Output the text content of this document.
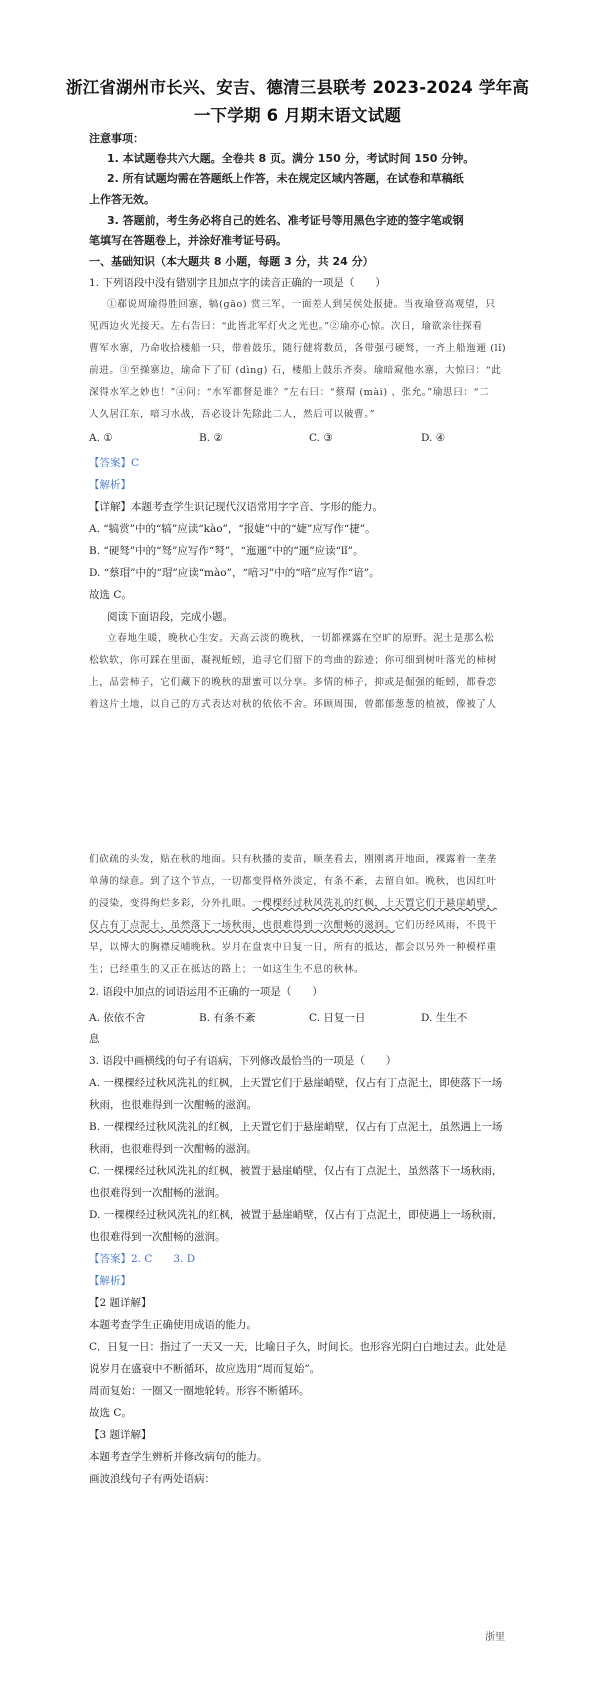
浙江省湖州市长兴、安吉、德清三县联考 2023-2024 学年高
一下学期 6 月期末语文试题
注意事项：
1. 本试题卷共六大题。全卷共 8 页。满分 150 分，考试时间 150 分钟。
2. 所有试题均需在答题纸上作答，未在规定区域内答题，在试卷和草稿纸
上作答无效。
3. 答题前，考生务必将自己的姓名、准考证号等用黑色字迹的签字笔或钢
笔填写在答题卷上，并涂好准考证号码。
一、基础知识（本大题共 8 小题，每题 3 分，共 24 分）
1. 下列语段中没有错别字且加点字的读音正确的一项是（　　）
①郗说周瑜得胜回寨，犒(gāo) 赏三军，一面差人到吴侯处报捷。当夜瑜登高观望，只
见西边火光接天。左右告曰：“此皆北军灯火之光也。”②瑜亦心惊。次日，瑜欲亲往探看
曹军水寨，乃命收拾楼船一只，带着鼓乐，随行健将数员，各带强弓硬驽，一齐上船迤逦 (lǐ)
前进。③至操寨边，瑜命下了矴 (dìng) 石，楼船上鼓乐齐奏。瑜暗窥他水寨，大惊曰：“此
深得水军之妙也！”④问：“水军都督是谁？”左右曰：“蔡瑁 (mài) 、张允。”瑜思曰：“二
人久居江东，喑习水战，吾必设计先除此二人，然后可以破曹。”
A. ①	B. ②	C. ③	D. ④
【答案】C
【解析】
【详解】本题考查学生识记现代汉语常用字字音、字形的能力。
A. “犒赏”中的“犒”应读“kào”，“报婕”中的“婕”应写作“捷”。
B. “硬驽”中的“驽”应写作“弩”，“迤逦”中的“逦”应读“lǐ”。
D. “蔡瑁”中的“瑁”应读“mào”，“喑习”中的“喑”应写作“谙”。
故选 C。
阅读下面语段，完成小题。
立春地生暖，晚秋心生安。天高云淡的晚秋，一切都裸露在空旷的原野。泥土是那么松
松软软，你可踩在里面，凝视蚯蚓，追寻它们留下的弯曲的踪迹；你可细到树叶落光的柿树
上，品尝柿子，它们藏下的晚秋的甜蜜可以分享。多情的柿子，抑或是倔强的蚯蚓，都眷恋
着这片土地，以自己的方式表达对秋的依依不舍。环顾周围，曾都郁葱葱的植被，像被了人
们砍疏的头发，贴在秋的地面。只有秋播的麦苗，顺垄看去，刚刚离开地面，裸露着一垄垄
单薄的绿意。到了这个节点，一切都变得格外淡定，有条不紊，去留自如。晚秋，也因红叶
的浸染，变得绚烂多彩，分外扎眼。一棵棵经过秋风洗礼的红枫，上天置它们于悬崖峭壁，
仅占有丁点泥土，虽然落下一场秋雨，也很难得到一次酣畅的滋润。它们历经风雨，不畏干
旱，以博大的胸襟反哺晚秋。岁月在盘衷中日复一日，所有的抵达，都会以另外一种模样重
生；已经重生的又正在抵达的路上；一如这生生不息的秋林。
2. 语段中加点的词语运用不正确的一项是（　　）
A. 依依不舍	B. 有条不紊	C. 日复一日	D. 生生不
息
3. 语段中画横线的句子有语病，下列修改最恰当的一项是（　　）
A. 一棵棵经过秋风洗礼的红枫，上天置它们于悬崖峭壁，仅占有丁点泥土，即使落下一场
秋雨，也很难得到一次酣畅的滋润。
B. 一棵棵经过秋风洗礼的红枫，上天置它们于悬崖峭壁，仅占有丁点泥土，虽然遇上一场
秋雨，也很难得到一次酣畅的滋润。
C. 一棵棵经过秋风洗礼的红枫，被置于悬崖峭壁，仅占有丁点泥土，虽然落下一场秋雨，
也很难得到一次酣畅的滋润。
D. 一棵棵经过秋风洗礼的红枫，被置于悬崖峭壁，仅占有丁点泥土，即使遇上一场秋雨，
也很难得到一次酣畅的滋润。
【答案】2. C　　3. D
【解析】
【2 题详解】
本题考查学生正确使用成语的能力。
C．日复一日：指过了一天又一天，比喻日子久，时间长。也形容光阴白白地过去。此处是
说岁月在盛衰中不断循环，故应选用“周而复始”。
周而复始：一圈又一圈地轮转。形容不断循环。
故选 C。
【3 题详解】
本题考查学生辨析并修改病句的能力。
画波浪线句子有两处语病：
浙里
